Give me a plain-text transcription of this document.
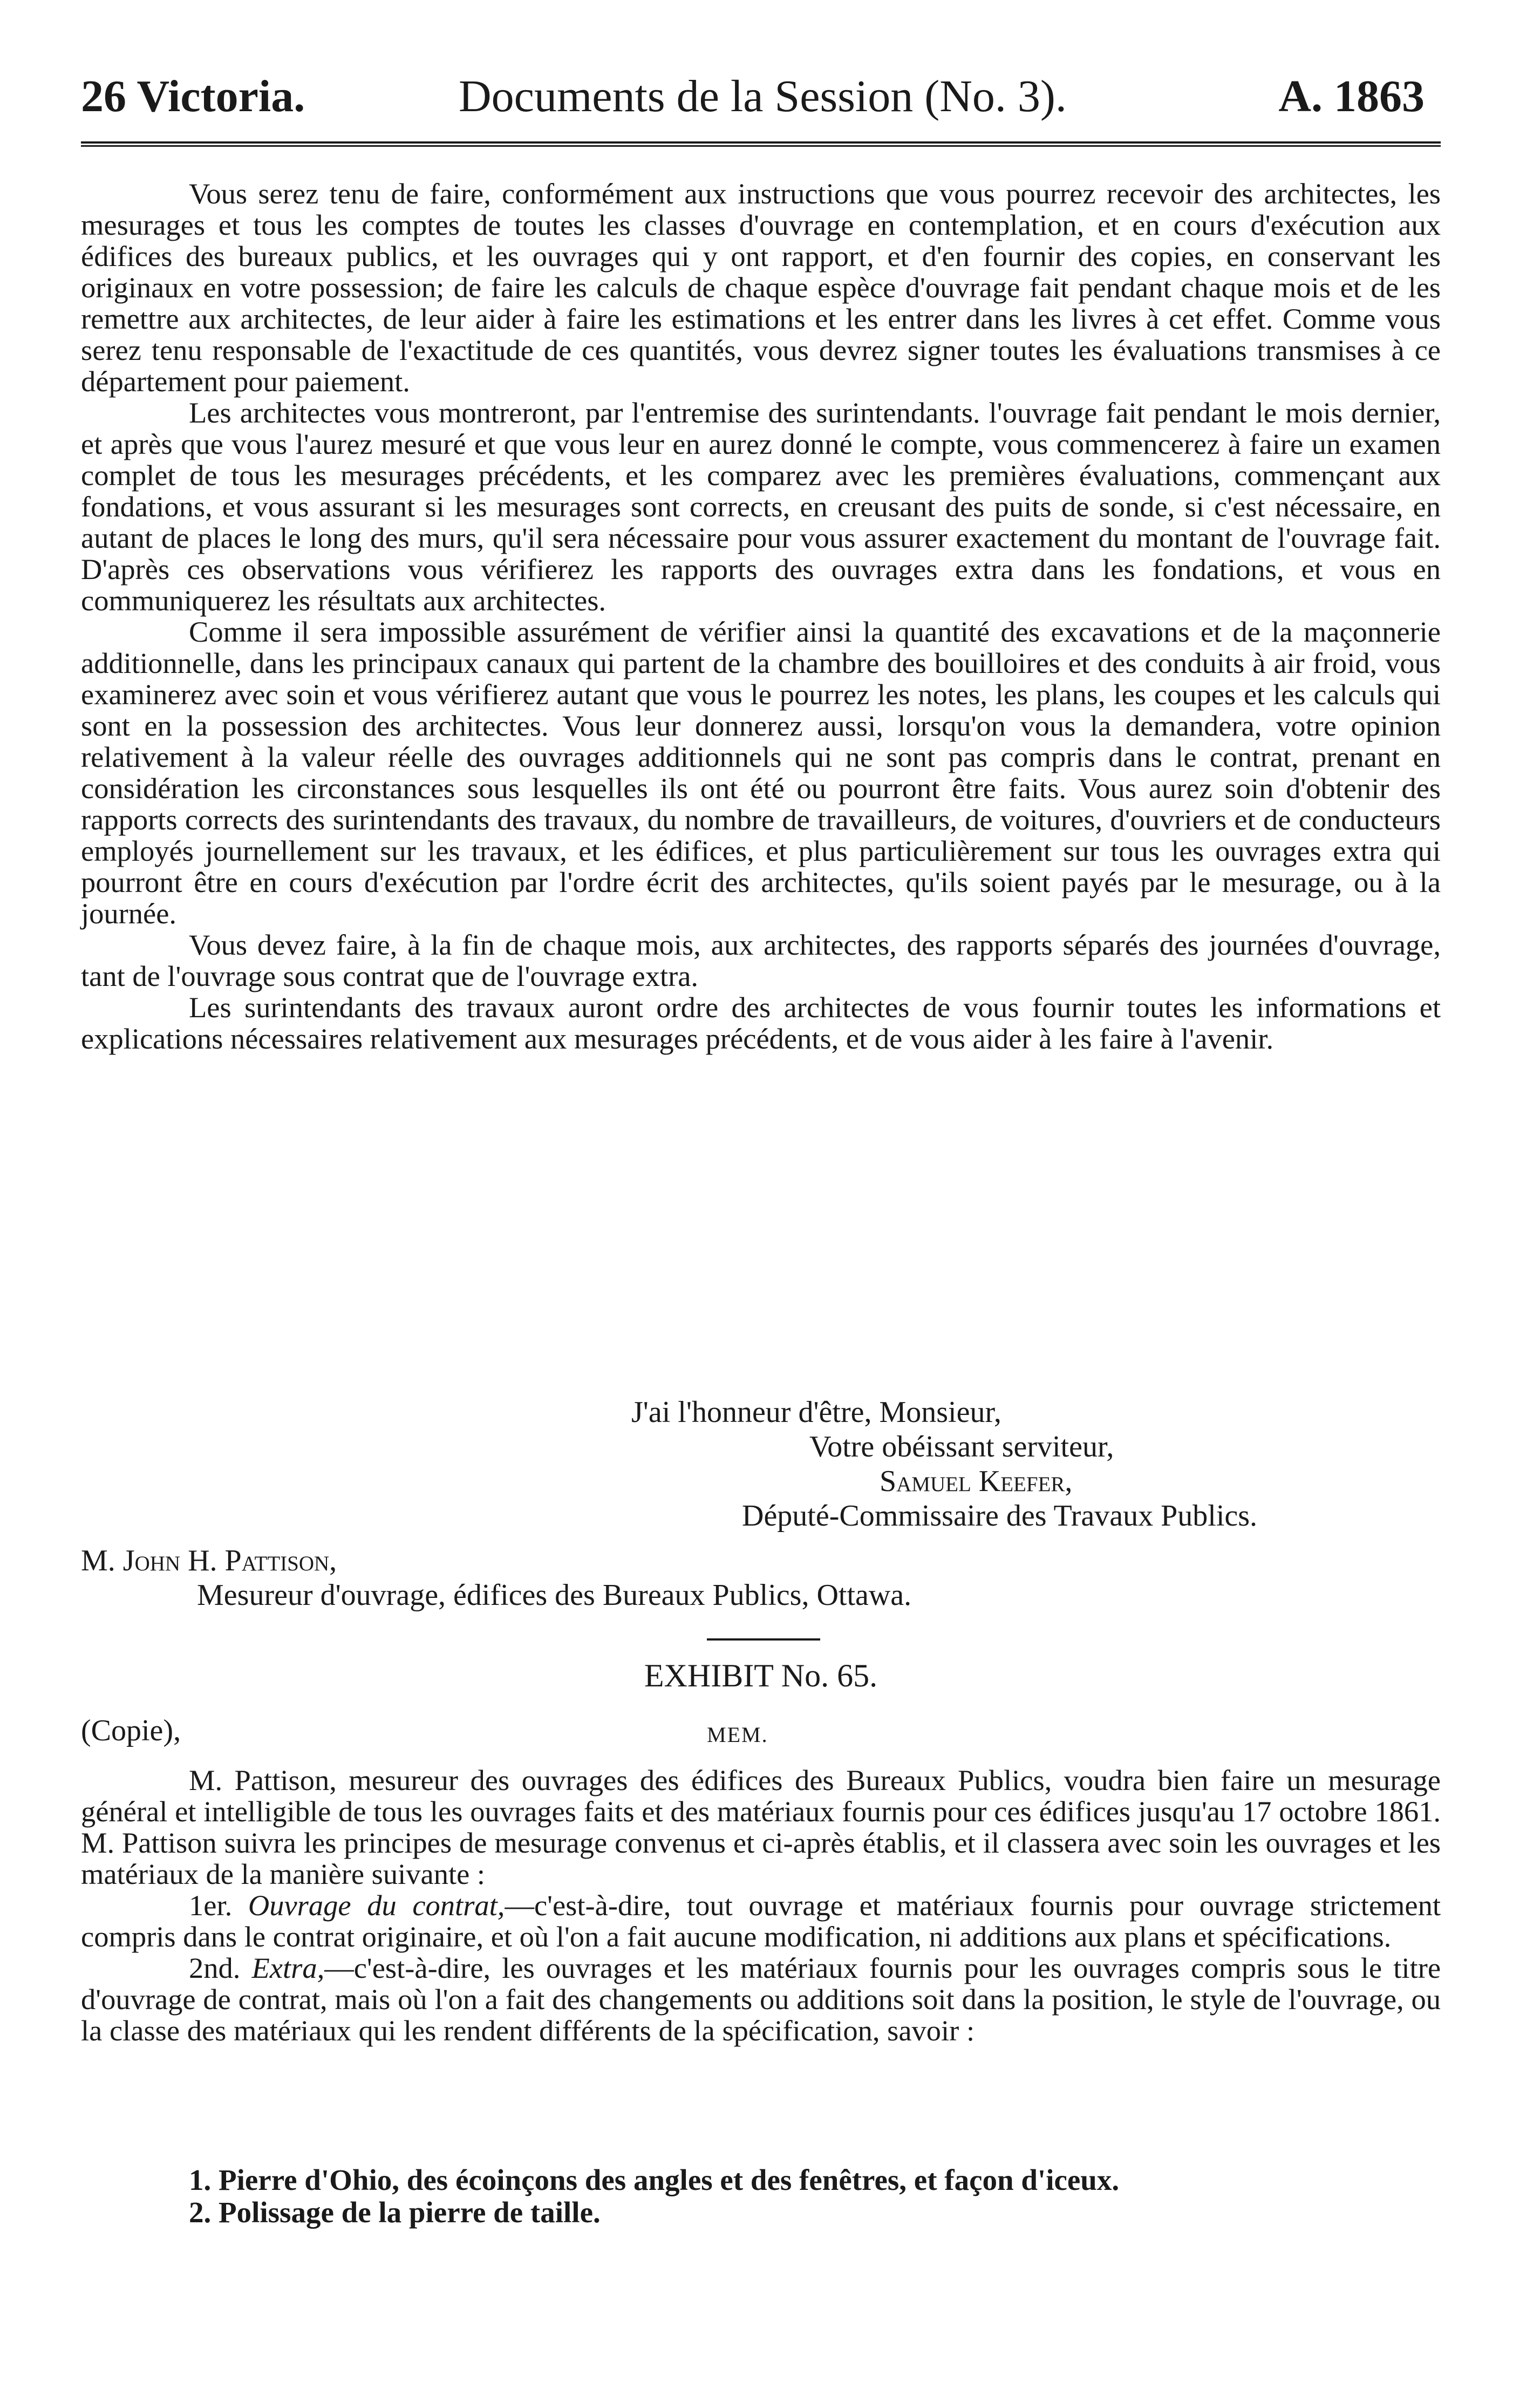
26 Victoria.	Documents de la Session (No. 3).	A. 1863

Vous serez tenu de faire, conformément aux instructions que vous pourrez recevoir des architectes, les mesurages et tous les comptes de toutes les classes d'ouvrage en contemplation, et en cours d'exécution aux édifices des bureaux publics, et les ouvrages qui y ont rapport, et d'en fournir des copies, en conservant les originaux en votre possession; de faire les calculs de chaque espèce d'ouvrage fait pendant chaque mois et de les remettre aux architectes, de leur aider à faire les estimations et les entrer dans les livres à cet effet. Comme vous serez tenu responsable de l'exactitude de ces quantités, vous devrez signer toutes les évaluations transmises à ce département pour paiement.

Les architectes vous montreront, par l'entremise des surintendants. l'ouvrage fait pendant le mois dernier, et après que vous l'aurez mesuré et que vous leur en aurez donné le compte, vous commencerez à faire un examen complet de tous les mesurages précédents, et les comparez avec les premières évaluations, commençant aux fondations, et vous assurant si les mesurages sont corrects, en creusant des puits de sonde, si c'est nécessaire, en autant de places le long des murs, qu'il sera nécessaire pour vous assurer exactement du montant de l'ouvrage fait. D'après ces observations vous vérifierez les rapports des ouvrages extra dans les fondations, et vous en communiquerez les résultats aux architectes.

Comme il sera impossible assurément de vérifier ainsi la quantité des excavations et de la maçonnerie additionnelle, dans les principaux canaux qui partent de la chambre des bouilloires et des conduits à air froid, vous examinerez avec soin et vous vérifierez autant que vous le pourrez les notes, les plans, les coupes et les calculs qui sont en la possession des architectes. Vous leur donnerez aussi, lorsqu'on vous la demandera, votre opinion relativement à la valeur réelle des ouvrages additionnels qui ne sont pas compris dans le contrat, prenant en considération les circonstances sous lesquelles ils ont été ou pourront être faits. Vous aurez soin d'obtenir des rapports corrects des surintendants des travaux, du nombre de travailleurs, de voitures, d'ouvriers et de conducteurs employés journellement sur les travaux, et les édifices, et plus particulièrement sur tous les ouvrages extra qui pourront être en cours d'exécution par l'ordre écrit des architectes, qu'ils soient payés par le mesurage, ou à la journée.

Vous devez faire, à la fin de chaque mois, aux architectes, des rapports séparés des journées d'ouvrage, tant de l'ouvrage sous contrat que de l'ouvrage extra.

Les surintendants des travaux auront ordre des architectes de vous fournir toutes les informations et explications nécessaires relativement aux mesurages précédents, et de vous aider à les faire à l'avenir.

J'ai l'honneur d'être, Monsieur,
Votre obéissant serviteur,
Samuel Keefer,
Député-Commissaire des Travaux Publics.
M. John H. Pattison,
Mesureur d'ouvrage, édifices des Bureaux Publics, Ottawa.
EXHIBIT No. 65.
(Copie),	MEM.

M. Pattison, mesureur des ouvrages des édifices des Bureaux Publics, voudra bien faire un mesurage général et intelligible de tous les ouvrages faits et des matériaux fournis pour ces édifices jusqu'au 17 octobre 1861. M. Pattison suivra les principes de mesurage convenus et ci-après établis, et il classera avec soin les ouvrages et les matériaux de la manière suivante :

1er. Ouvrage du contrat,—c'est-à-dire, tout ouvrage et matériaux fournis pour ouvrage strictement compris dans le contrat originaire, et où l'on a fait aucune modification, ni additions aux plans et spécifications.

2nd. Extra,—c'est-à-dire, les ouvrages et les matériaux fournis pour les ouvrages compris sous le titre d'ouvrage de contrat, mais où l'on a fait des changements ou additions soit dans la position, le style de l'ouvrage, ou la classe des matériaux qui les rendent différents de la spécification, savoir :

1. Pierre d'Ohio, des écoinçons des angles et des fenêtres, et façon d'iceux.
2. Polissage de la pierre de taille.
